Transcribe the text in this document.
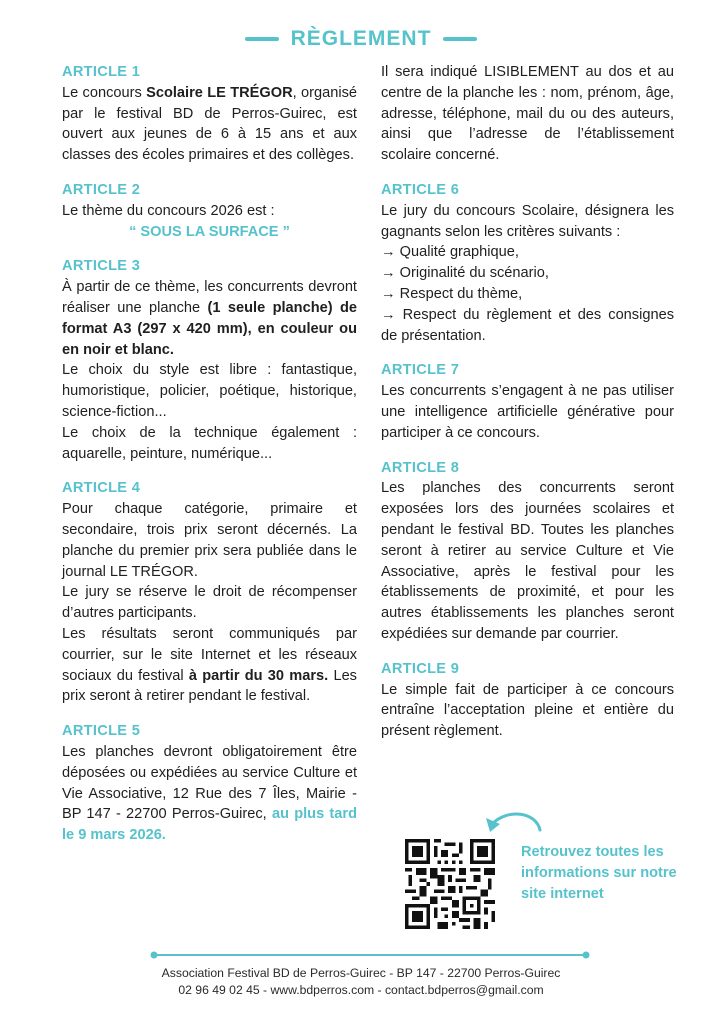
RÈGLEMENT
ARTICLE 1
Le concours Scolaire LE TRÉGOR, organisé par le festival BD de Perros-Guirec, est ouvert aux jeunes de 6 à 15 ans et aux classes des écoles primaires et des collèges.
ARTICLE 2
Le thème du concours 2026 est :
“ SOUS LA SURFACE ”
ARTICLE 3
À partir de ce thème, les concurrents devront réaliser une planche (1 seule planche) de format A3 (297 x 420 mm), en couleur ou en noir et blanc.
Le choix du style est libre : fantastique, humoristique, policier, poétique, historique, science-fiction...
Le choix de la technique également : aquarelle, peinture, numérique...
ARTICLE 4
Pour chaque catégorie, primaire et secondaire, trois prix seront décernés. La planche du premier prix sera publiée dans le journal LE TRÉGOR.
Le jury se réserve le droit de récompenser d’autres participants.
Les résultats seront communiqués par courrier, sur le site Internet et les réseaux sociaux du festival à partir du 30 mars. Les prix seront à retirer pendant le festival.
ARTICLE 5
Les planches devront obligatoirement être déposées ou expédiées au service Culture et Vie Associative, 12 Rue des 7 Îles, Mairie - BP 147 - 22700 Perros-Guirec, au plus tard le 9 mars 2026.
Il sera indiqué LISIBLEMENT au dos et au centre de la planche les : nom, prénom, âge, adresse, téléphone, mail du ou des auteurs, ainsi que l’adresse de l’établissement scolaire concerné.
ARTICLE 6
Le jury du concours Scolaire, désignera les gagnants selon les critères suivants :
→ Qualité graphique,
→ Originalité du scénario,
→ Respect du thème,
→ Respect du règlement et des consignes de présentation.
ARTICLE 7
Les concurrents s’engagent à ne pas utiliser une intelligence artificielle générative pour participer à ce concours.
ARTICLE 8
Les planches des concurrents seront exposées lors des journées scolaires et pendant le festival BD. Toutes les planches seront à retirer au service Culture et Vie Associative, après le festival pour les établissements de proximité, et pour les autres établissements les planches seront expédiées sur demande par courrier.
ARTICLE 9
Le simple fait de participer à ce concours entraîne l’acceptation pleine et entière du présent règlement.
Retrouvez toutes les informations sur notre site internet
Association Festival BD de Perros-Guirec - BP 147 - 22700 Perros-Guirec
02 96 49 02 45 - www.bdperros.com - contact.bdperros@gmail.com
